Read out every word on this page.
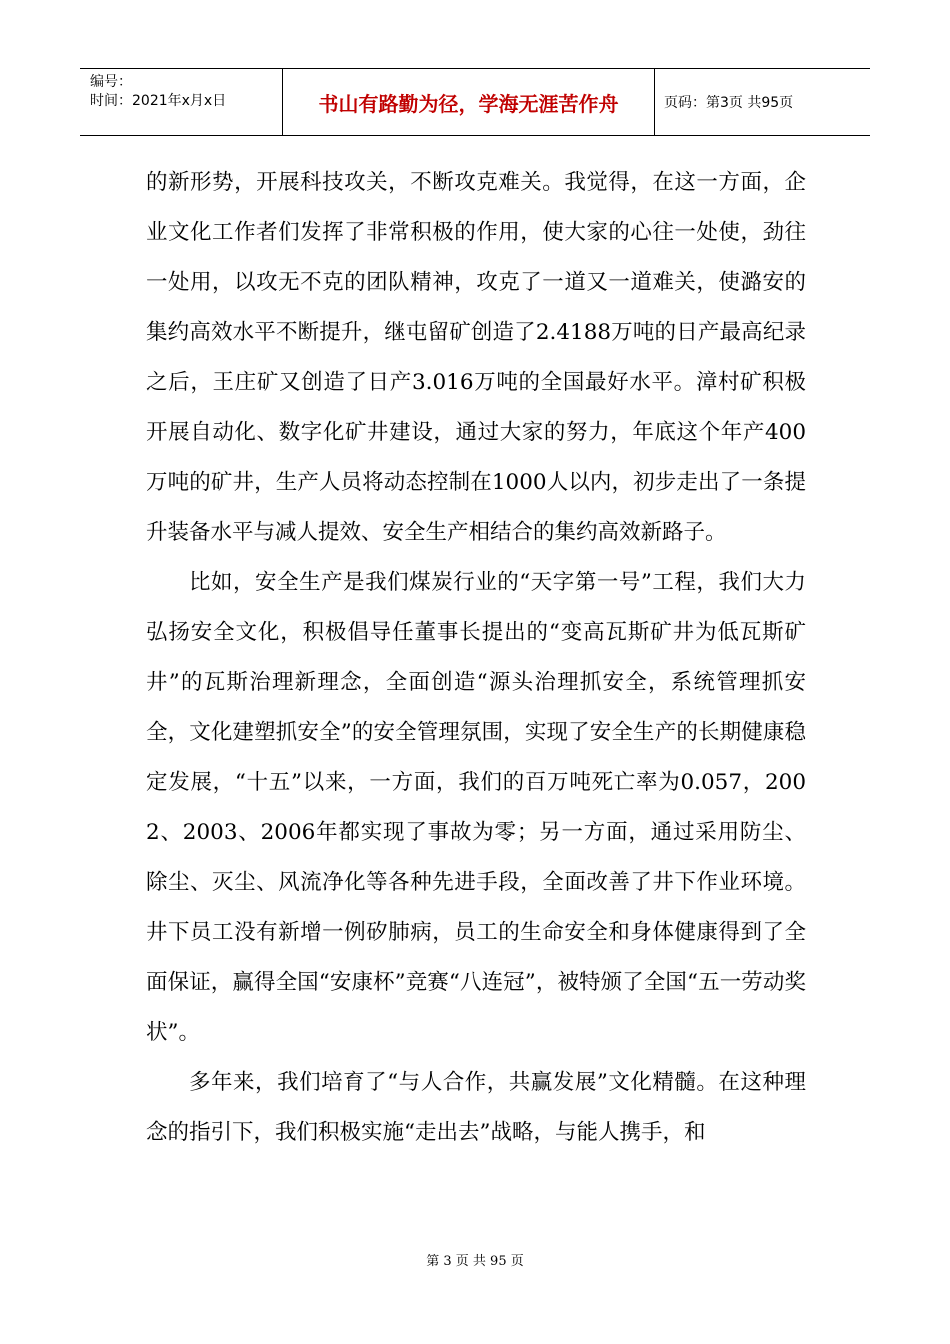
编号：
时间：2021年x月x日	书山有路勤为径，学海无涯苦作舟	页码：第3页 共95页

的新形势，开展科技攻关，不断攻克难关。我觉得，在这一方面，企业文化工作者们发挥了非常积极的作用，使大家的心往一处使，劲往一处用，以攻无不克的团队精神，攻克了一道又一道难关，使潞安的集约高效水平不断提升，继屯留矿创造了2.4188万吨的日产最高纪录之后，王庄矿又创造了日产3.016万吨的全国最好水平。漳村矿积极开展自动化、数字化矿井建设，通过大家的努力，年底这个年产400万吨的矿井，生产人员将动态控制在1000人以内，初步走出了一条提升装备水平与减人提效、安全生产相结合的集约高效新路子。

比如，安全生产是我们煤炭行业的“天字第一号”工程，我们大力弘扬安全文化，积极倡导任董事长提出的“变高瓦斯矿井为低瓦斯矿井”的瓦斯治理新理念，全面创造“源头治理抓安全，系统管理抓安全，文化建塑抓安全”的安全管理氛围，实现了安全生产的长期健康稳定发展，“十五”以来，一方面，我们的百万吨死亡率为0.057，2002、2003、2006年都实现了事故为零；另一方面，通过采用防尘、除尘、灭尘、风流净化等各种先进手段，全面改善了井下作业环境。井下员工没有新增一例矽肺病，员工的生命安全和身体健康得到了全面保证，赢得全国“安康杯”竞赛“八连冠”，被特颁了全国“五一劳动奖状”。

多年来，我们培育了“与人合作，共赢发展”文化精髓。在这种理念的指引下，我们积极实施“走出去”战略，与能人携手，和

第 3 页 共 95 页
